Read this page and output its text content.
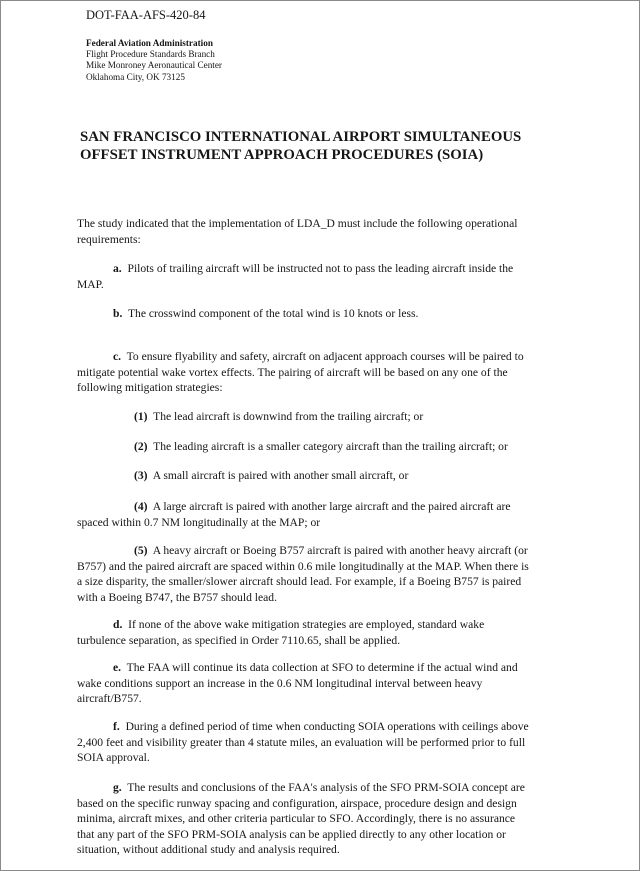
DOT-FAA-AFS-420-84
Federal Aviation Administration
Flight Procedure Standards Branch
Mike Monroney Aeronautical Center
Oklahoma City, OK 73125
SAN FRANCISCO INTERNATIONAL AIRPORT SIMULTANEOUS
OFFSET INSTRUMENT APPROACH PROCEDURES (SOIA)
The study indicated that the implementation of LDA_D must include the following operational
requirements:
a. Pilots of trailing aircraft will be instructed not to pass the leading aircraft inside the
MAP.
b. The crosswind component of the total wind is 10 knots or less.
c. To ensure flyability and safety, aircraft on adjacent approach courses will be paired to
mitigate potential wake vortex effects. The pairing of aircraft will be based on any one of the
following mitigation strategies:
(1) The lead aircraft is downwind from the trailing aircraft; or
(2) The leading aircraft is a smaller category aircraft than the trailing aircraft; or
(3) A small aircraft is paired with another small aircraft, or
(4) A large aircraft is paired with another large aircraft and the paired aircraft are
spaced within 0.7 NM longitudinally at the MAP; or
(5) A heavy aircraft or Boeing B757 aircraft is paired with another heavy aircraft (or
B757) and the paired aircraft are spaced within 0.6 mile longitudinally at the MAP. When there is
a size disparity, the smaller/slower aircraft should lead. For example, if a Boeing B757 is paired
with a Boeing B747, the B757 should lead.
d. If none of the above wake mitigation strategies are employed, standard wake
turbulence separation, as specified in Order 7110.65, shall be applied.
e. The FAA will continue its data collection at SFO to determine if the actual wind and
wake conditions support an increase in the 0.6 NM longitudinal interval between heavy
aircraft/B757.
f. During a defined period of time when conducting SOIA operations with ceilings above
2,400 feet and visibility greater than 4 statute miles, an evaluation will be performed prior to full
SOIA approval.
g. The results and conclusions of the FAA's analysis of the SFO PRM-SOIA concept are
based on the specific runway spacing and configuration, airspace, procedure design and design
minima, aircraft mixes, and other criteria particular to SFO. Accordingly, there is no assurance
that any part of the SFO PRM-SOIA analysis can be applied directly to any other location or
situation, without additional study and analysis required.
